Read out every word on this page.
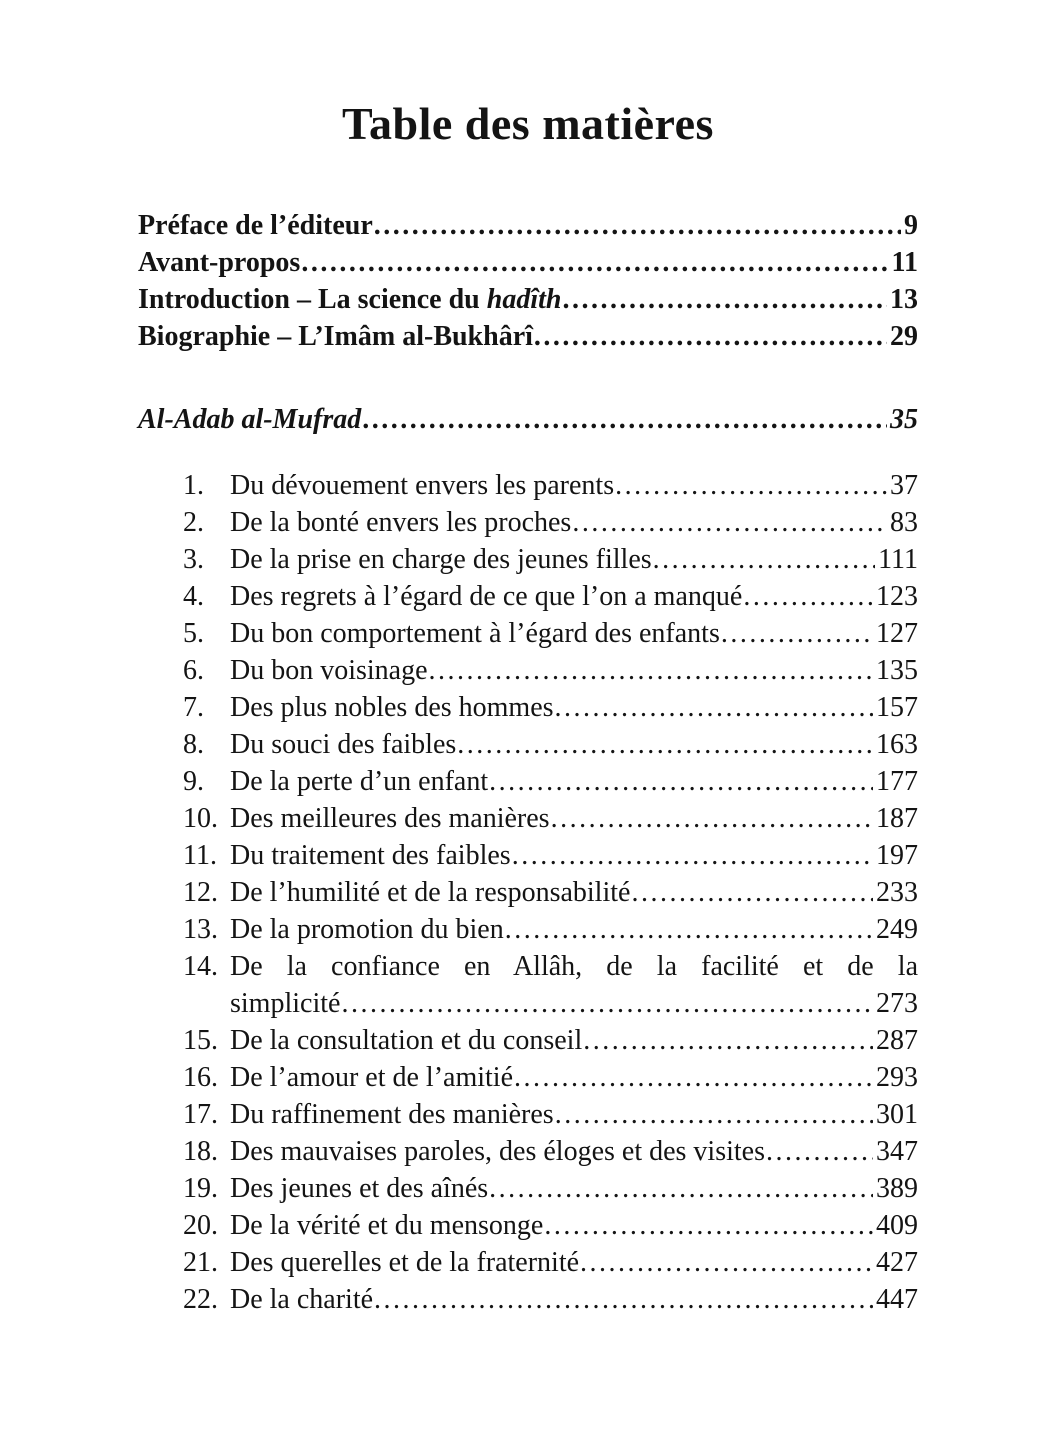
Table des matières
Préface de l’éditeur .....	9
Avant-propos .....	11
Introduction – La science du hadîth .....	13
Biographie – L’Imâm al-Bukhârî .....	29
Al-Adab al-Mufrad .....	35
1. Du dévouement envers les parents .....	37
2. De la bonté envers les proches .....	83
3. De la prise en charge des jeunes filles .....	111
4. Des regrets à l’égard de ce que l’on a manqué .....	123
5. Du bon comportement à l’égard des enfants .....	127
6. Du bon voisinage .....	135
7. Des plus nobles des hommes .....	157
8. Du souci des faibles .....	163
9. De la perte d’un enfant .....	177
10. Des meilleures des manières .....	187
11. Du traitement des faibles .....	197
12. De l’humilité et de la responsabilité .....	233
13. De la promotion du bien .....	249
14. De la confiance en Allâh, de la facilité et de la
simplicité .....	273
15. De la consultation et du conseil .....	287
16. De l’amour et de l’amitié .....	293
17. Du raffinement des manières .....	301
18. Des mauvaises paroles, des éloges et des visites .....	347
19. Des jeunes et des aînés .....	389
20. De la vérité et du mensonge .....	409
21. Des querelles et de la fraternité .....	427
22. De la charité .....	447
